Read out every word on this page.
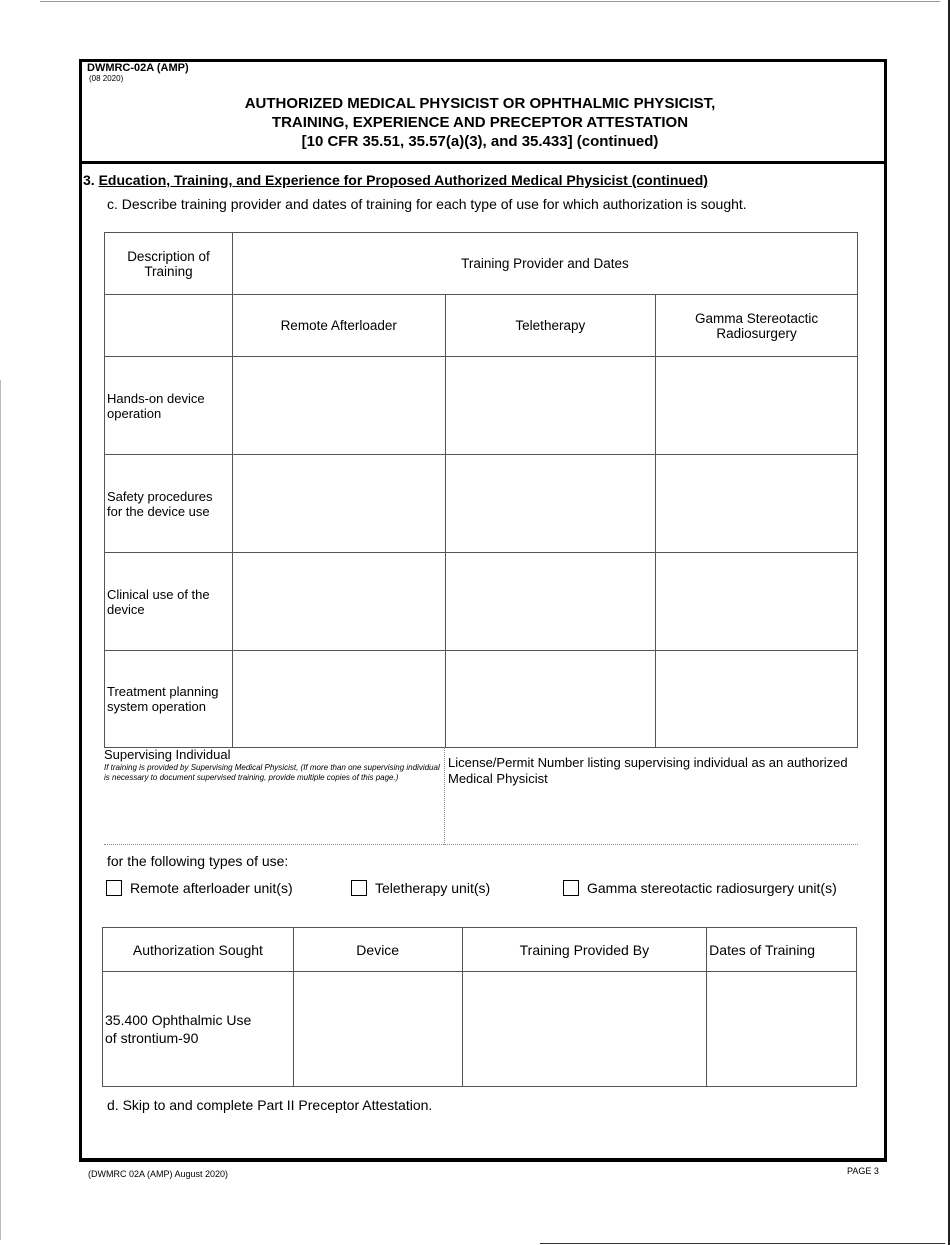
DWMRC-02A (AMP)
(08 2020)
AUTHORIZED MEDICAL PHYSICIST OR OPHTHALMIC PHYSICIST,
TRAINING, EXPERIENCE AND PRECEPTOR ATTESTATION
[10 CFR 35.51, 35.57(a)(3), and 35.433] (continued)
3. Education, Training, and Experience for Proposed Authorized Medical Physicist (continued)
c. Describe training provider and dates of training for each type of use for which authorization is sought.
Description of Training	Training Provider and Dates		
	Remote Afterloader	Teletherapy	Gamma Stereotactic Radiosurgery
Hands-on device operation			
Safety procedures for the device use			
Clinical use of the device			
Treatment planning system operation			
Supervising Individual
If training is provided by Supervising Medical Physicist, (If more than one supervising individual is necessary to document supervised training, provide multiple copies of this page.)
License/Permit Number listing supervising individual as an authorized Medical Physicist
for the following types of use:
Remote afterloader unit(s)	Teletherapy unit(s)	Gamma stereotactic radiosurgery unit(s)
Authorization Sought	Device	Training Provided By	Dates of Training
35.400 Ophthalmic Use of strontium-90			
d. Skip to and complete Part II Preceptor Attestation.
(DWMRC 02A (AMP) August 2020)	PAGE 3
